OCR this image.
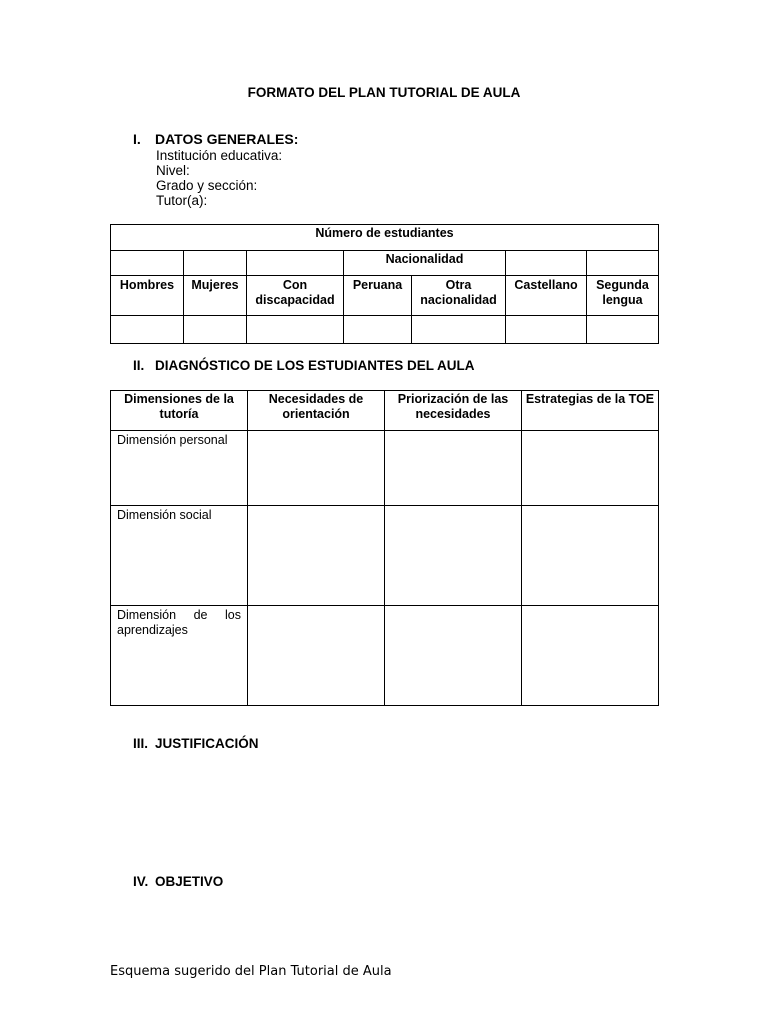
FORMATO DEL PLAN TUTORIAL DE AULA
I. DATOS GENERALES:
Institución educativa:
Nivel:
Grado y sección:
Tutor(a):
Número de estudiantes						
			Nacionalidad			
Hombres	Mujeres	Con discapacidad	Peruana	Otra nacionalidad	Castellano	Segunda lengua

II. DIAGNÓSTICO DE LOS ESTUDIANTES DEL AULA
Dimensiones de la tutoría	Necesidades de orientación	Priorización de las necesidades	Estrategias de la TOE
Dimensión personal			
Dimensión social			

Dimensión de los aprendizajes			

III. JUSTIFICACIÓN
IV. OBJETIVO
Esquema sugerido del Plan Tutorial de Aula
